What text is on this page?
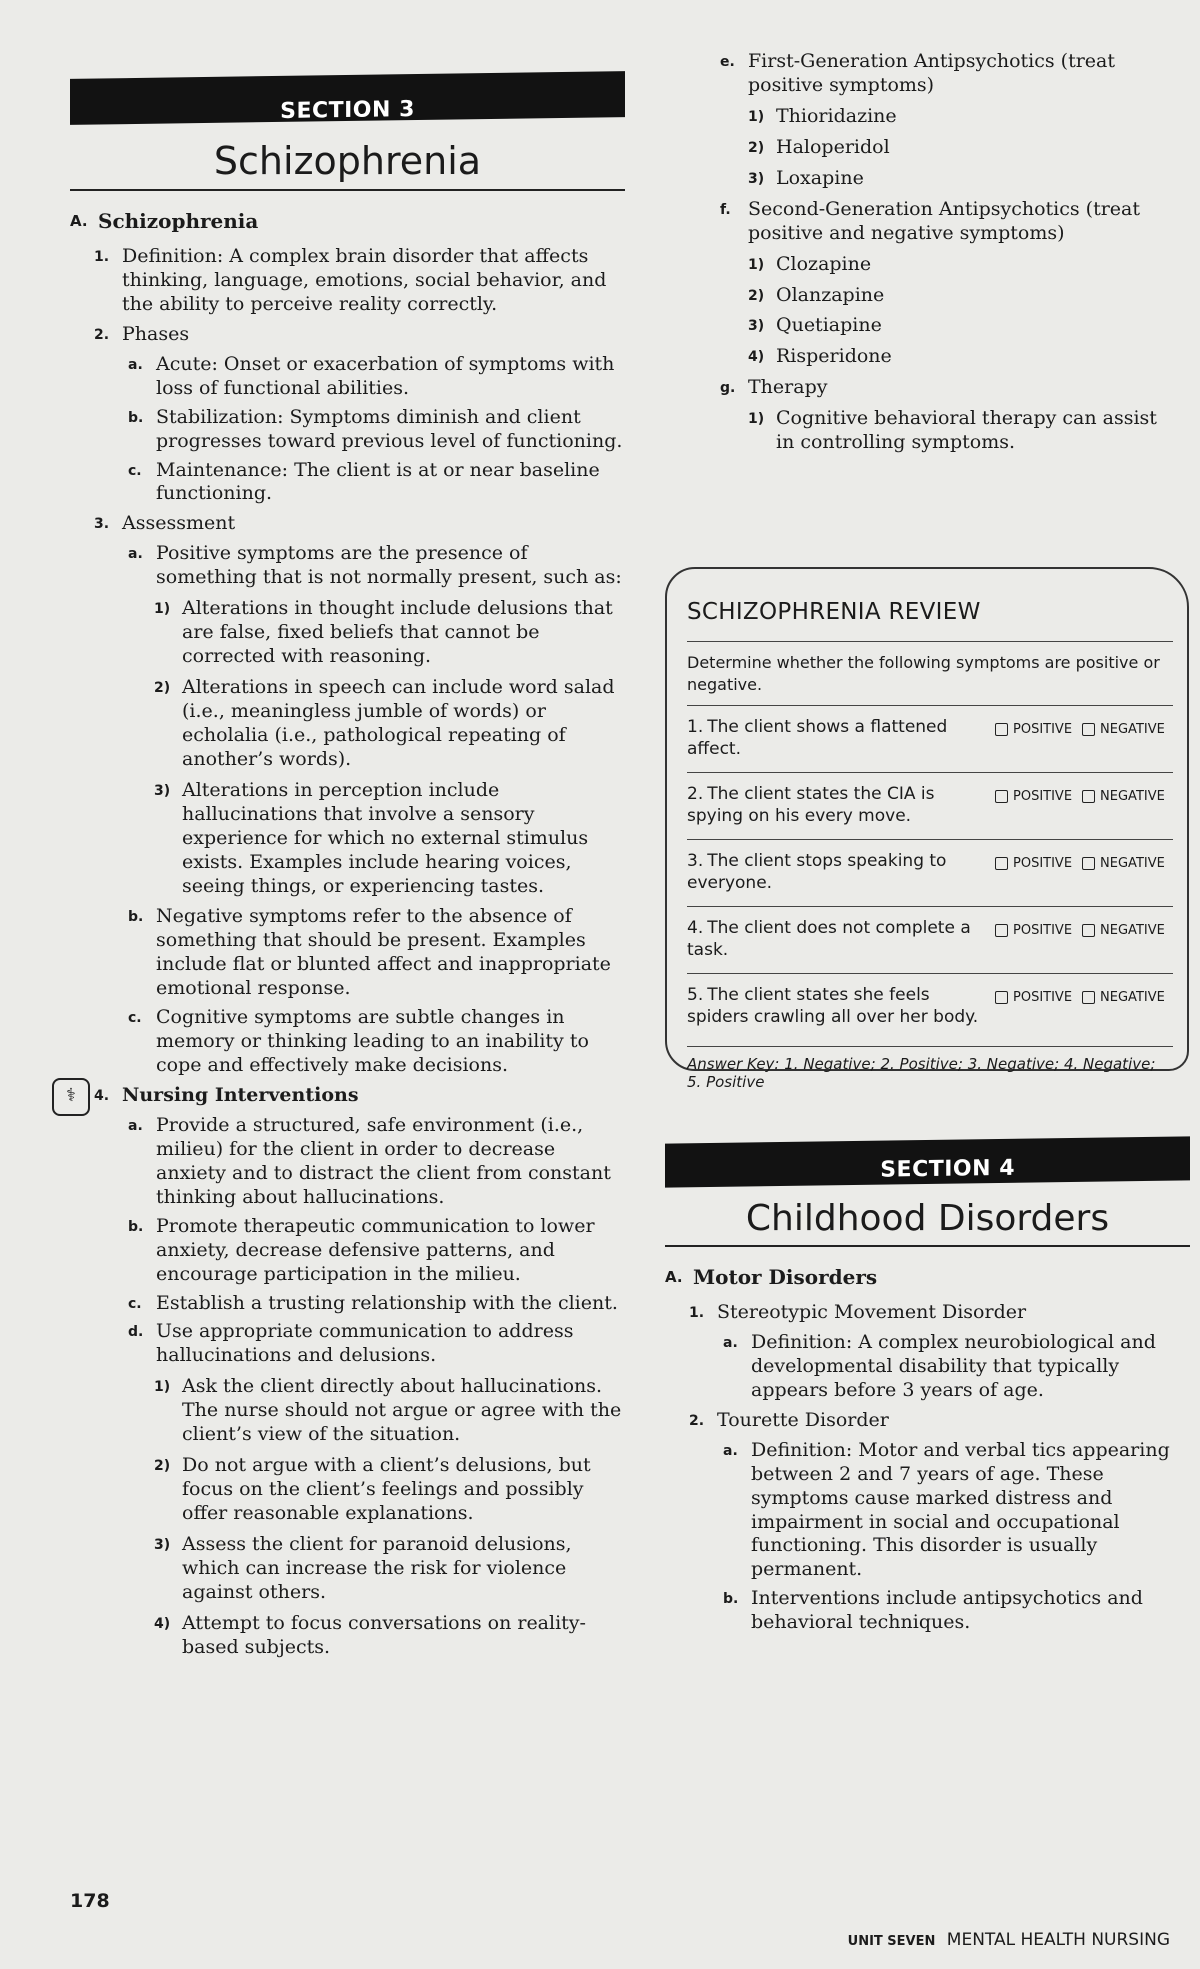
SECTION 3
Schizophrenia
A. Schizophrenia
1. Definition: A complex brain disorder that affects thinking, language, emotions, social behavior, and the ability to perceive reality correctly.
2. Phases
a. Acute: Onset or exacerbation of symptoms with loss of functional abilities.
b. Stabilization: Symptoms diminish and client progresses toward previous level of functioning.
c. Maintenance: The client is at or near baseline functioning.
3. Assessment
a. Positive symptoms are the presence of something that is not normally present, such as:
1) Alterations in thought include delusions that are false, fixed beliefs that cannot be corrected with reasoning.
2) Alterations in speech can include word salad (i.e., meaningless jumble of words) or echolalia (i.e., pathological repeating of another’s words).
3) Alterations in perception include hallucinations that involve a sensory experience for which no external stimulus exists. Examples include hearing voices, seeing things, or experiencing tastes.
b. Negative symptoms refer to the absence of something that should be present. Examples include flat or blunted affect and inappropriate emotional response.
c. Cognitive symptoms are subtle changes in memory or thinking leading to an inability to cope and effectively make decisions.
⚕	4. Nursing Interventions
a. Provide a structured, safe environment (i.e., milieu) for the client in order to decrease anxiety and to distract the client from constant thinking about hallucinations.
b. Promote therapeutic communication to lower anxiety, decrease defensive patterns, and encourage participation in the milieu.
c. Establish a trusting relationship with the client.
d. Use appropriate communication to address hallucinations and delusions.
1) Ask the client directly about hallucinations. The nurse should not argue or agree with the client’s view of the situation.
2) Do not argue with a client’s delusions, but focus on the client’s feelings and possibly offer reasonable explanations.
3) Assess the client for paranoid delusions, which can increase the risk for violence against others.
4) Attempt to focus conversations on reality-based subjects.
178
e. First-Generation Antipsychotics (treat positive symptoms)
1) Thioridazine
2) Haloperidol
3) Loxapine
f. Second-Generation Antipsychotics (treat positive and negative symptoms)
1) Clozapine
2) Olanzapine
3) Quetiapine
4) Risperidone
g. Therapy
1) Cognitive behavioral therapy can assist in controlling symptoms.
SCHIZOPHRENIA REVIEW
Determine whether the following symptoms are positive or negative.
1. The client shows a flattened affect.
POSITIVE NEGATIVE
2. The client states the CIA is spying on his every move.
POSITIVE NEGATIVE
3. The client stops speaking to everyone.
POSITIVE NEGATIVE
4. The client does not complete a task.
POSITIVE NEGATIVE
5. The client states she feels spiders crawling all over her body.
POSITIVE NEGATIVE
Answer Key: 1. Negative; 2. Positive; 3. Negative; 4. Negative; 5. Positive
SECTION 4
Childhood Disorders
A. Motor Disorders
1. Stereotypic Movement Disorder
a. Definition: A complex neurobiological and developmental disability that typically appears before 3 years of age.
2. Tourette Disorder
a. Definition: Motor and verbal tics appearing between 2 and 7 years of age. These symptoms cause marked distress and impairment in social and occupational functioning. This disorder is usually permanent.
b. Interventions include antipsychotics and behavioral techniques.
UNIT SEVEN MENTAL HEALTH NURSING
